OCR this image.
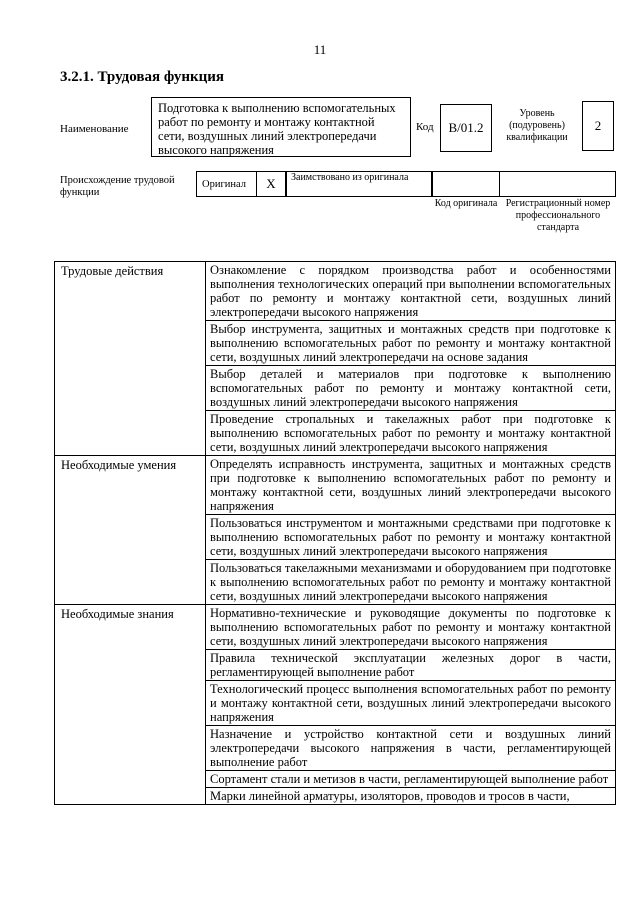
11
3.2.1. Трудовая функция
Наименование
Подготовка к выполнению вспомогательных работ по ремонту и монтажу контактной сети, воздушных линий электропередачи высокого напряжения
Код B/01.2
Уровень (подуровень) квалификации
2
Происхождение трудовой функции
Оригинал Х Заимствовано из оригинала
Код оригинала Регистрационный номер профессионального стандарта
Трудовые действия	Ознакомление с порядком производства работ и особенностями выполнения технологических операций при выполнении вспомогательных работ по ремонту и монтажу контактной сети, воздушных линий электропередачи высокого напряжения
	Выбор инструмента, защитных и монтажных средств при подготовке к выполнению вспомогательных работ по ремонту и монтажу контактной сети, воздушных линий электропередачи на основе задания
	Выбор деталей и материалов при подготовке к выполнению вспомогательных работ по ремонту и монтажу контактной сети, воздушных линий электропередачи высокого напряжения
	Проведение стропальных и такелажных работ при подготовке к выполнению вспомогательных работ по ремонту и монтажу контактной сети, воздушных линий электропередачи высокого напряжения
Необходимые умения	Определять исправность инструмента, защитных и монтажных средств при подготовке к выполнению вспомогательных работ по ремонту и монтажу контактной сети, воздушных линий электропередачи высокого напряжения
	Пользоваться инструментом и монтажными средствами при подготовке к выполнению вспомогательных работ по ремонту и монтажу контактной сети, воздушных линий электропередачи высокого напряжения
	Пользоваться такелажными механизмами и оборудованием при подготовке к выполнению вспомогательных работ по ремонту и монтажу контактной сети, воздушных линий электропередачи высокого напряжения
Необходимые знания	Нормативно-технические и руководящие документы по подготовке к выполнению вспомогательных работ по ремонту и монтажу контактной сети, воздушных линий электропередачи высокого напряжения
	Правила технической эксплуатации железных дорог в части, регламентирующей выполнение работ
	Технологический процесс выполнения вспомогательных работ по ремонту и монтажу контактной сети, воздушных линий электропередачи высокого напряжения
	Назначение и устройство контактной сети и воздушных линий электропередачи высокого напряжения в части, регламентирующей выполнение работ
	Сортамент стали и метизов в части, регламентирующей выполнение работ
	Марки линейной арматуры, изоляторов, проводов и тросов в части,
